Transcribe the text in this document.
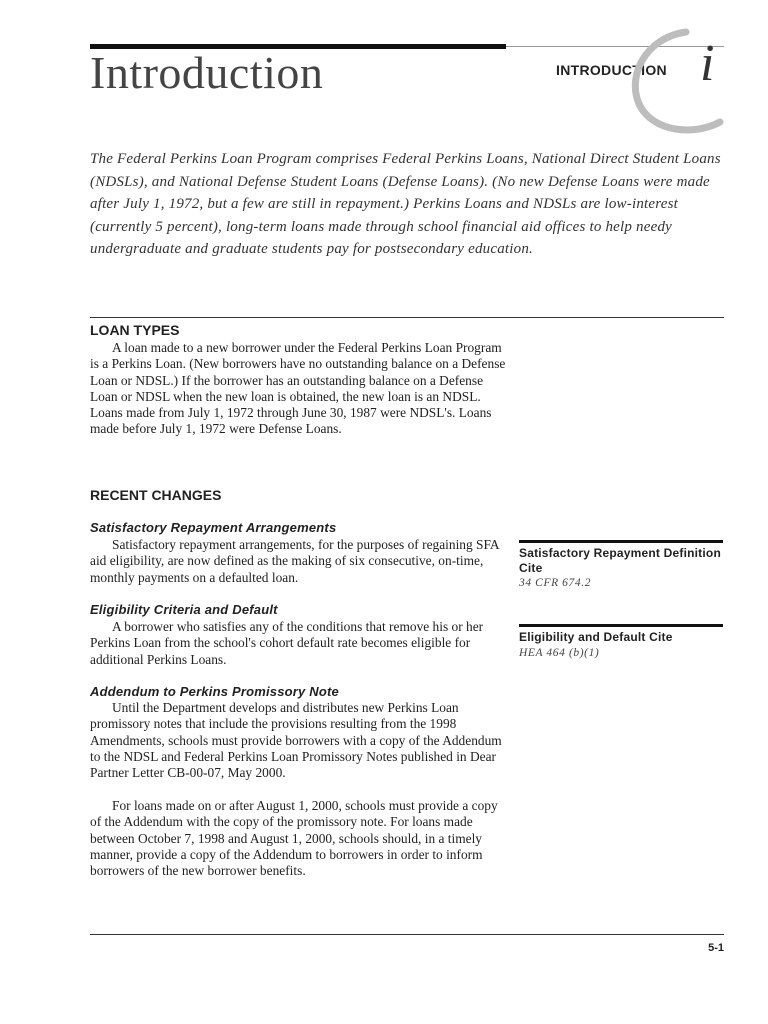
Introduction	INTRODUCTION i

The Federal Perkins Loan Program comprises Federal Perkins Loans, National Direct Student Loans (NDSLs), and National Defense Student Loans (Defense Loans). (No new Defense Loans were made after July 1, 1972, but a few are still in repayment.) Perkins Loans and NDSLs are low-interest (currently 5 percent), long-term loans made through school financial aid offices to help needy undergraduate and graduate students pay for postsecondary education.

LOAN TYPES

A loan made to a new borrower under the Federal Perkins Loan Program is a Perkins Loan. (New borrowers have no outstanding balance on a Defense Loan or NDSL.) If the borrower has an outstanding balance on a Defense Loan or NDSL when the new loan is obtained, the new loan is an NDSL. Loans made from July 1, 1972 through June 30, 1987 were NDSL's. Loans made before July 1, 1972 were Defense Loans.

RECENT CHANGES
Satisfactory Repayment Arrangements

Satisfactory repayment arrangements, for the purposes of regaining SFA aid eligibility, are now defined as the making of six consecutive, on-time, monthly payments on a defaulted loan.

Eligibility Criteria and Default

A borrower who satisfies any of the conditions that remove his or her Perkins Loan from the school's cohort default rate becomes eligible for additional Perkins Loans.

Addendum to Perkins Promissory Note

Until the Department develops and distributes new Perkins Loan promissory notes that include the provisions resulting from the 1998 Amendments, schools must provide borrowers with a copy of the Addendum to the NDSL and Federal Perkins Loan Promissory Notes published in Dear Partner Letter CB-00-07, May 2000.

For loans made on or after August 1, 2000, schools must provide a copy of the Addendum with the copy of the promissory note. For loans made between October 7, 1998 and August 1, 2000, schools should, in a timely manner, provide a copy of the Addendum to borrowers in order to inform borrowers of the new borrower benefits.

Satisfactory Repayment Definition Cite
34 CFR 674.2
Eligibility and Default Cite
HEA 464 (b)(1)
5-1
